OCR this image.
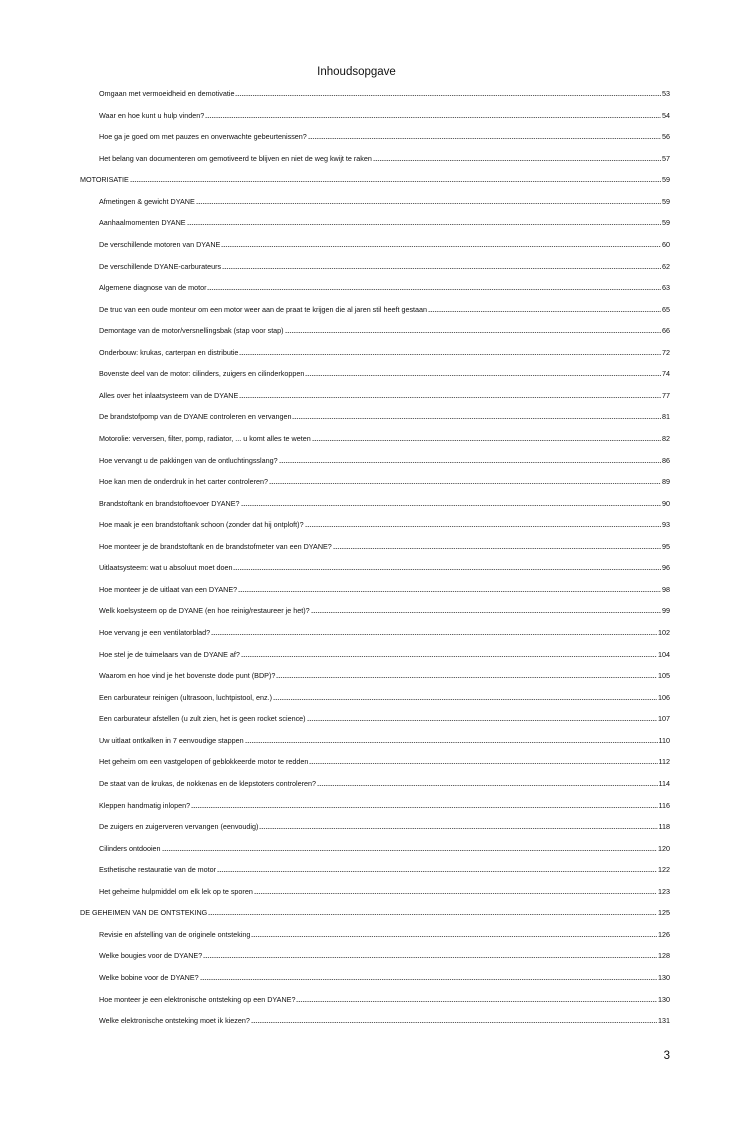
Inhoudsopgave
Omgaan met vermoeidheid en demotivatie	53
Waar en hoe kunt u hulp vinden?	54
Hoe ga je goed om met pauzes en onverwachte gebeurtenissen?	56
Het belang van documenteren om gemotiveerd te blijven en niet de weg kwijt te raken	57
MOTORISATIE	59
Afmetingen & gewicht DYANE	59
Aanhaalmomenten DYANE	59
De verschillende motoren van DYANE	60
De verschillende DYANE-carburateurs	62
Algemene diagnose van de motor	63
De truc van een oude monteur om een motor weer aan de praat te krijgen die al jaren stil heeft gestaan	65
Demontage van de motor/versnellingsbak (stap voor stap)	66
Onderbouw: krukas, carterpan en distributie	72
Bovenste deel van de motor: cilinders, zuigers en cilinderkoppen	74
Alles over het inlaatsysteem van de DYANE	77
De brandstofpomp van de DYANE controleren en vervangen	81
Motorolie: verversen, filter, pomp, radiator, ... u komt alles te weten	82
Hoe vervangt u de pakkingen van de ontluchtingsslang?	86
Hoe kan men de onderdruk in het carter controleren?	89
Brandstoftank en brandstoftoevoer DYANE?	90
Hoe maak je een brandstoftank schoon (zonder dat hij ontploft)?	93
Hoe monteer je de brandstoftank en de brandstofmeter van een DYANE?	95
Uitlaatsysteem: wat u absoluut moet doen	96
Hoe monteer je de uitlaat van een DYANE?	98
Welk koelsysteem op de DYANE (en hoe reinig/restaureer je het)?	99
Hoe vervang je een ventilatorblad?	102
Hoe stel je de tuimelaars van de DYANE af?	104
Waarom en hoe vind je het bovenste dode punt (BDP)?	105
Een carburateur reinigen (ultrasoon, luchtpistool, enz.)	106
Een carburateur afstellen (u zult zien, het is geen rocket science)	107
Uw uitlaat ontkalken in 7 eenvoudige stappen	110
Het geheim om een vastgelopen of geblokkeerde motor te redden	112
De staat van de krukas, de nokkenas en de klepstoters controleren?	114
Kleppen handmatig inlopen?	116
De zuigers en zuigerveren vervangen (eenvoudig)	118
Cilinders ontdooien	120
Esthetische restauratie van de motor	122
Het geheime hulpmiddel om elk lek op te sporen	123
DE GEHEIMEN VAN DE ONTSTEKING	125
Revisie en afstelling van de originele ontsteking	126
Welke bougies voor de DYANE?	128
Welke bobine voor de DYANE?	130
Hoe monteer je een elektronische ontsteking op een DYANE?	130
Welke elektronische ontsteking moet ik kiezen?	131
3
